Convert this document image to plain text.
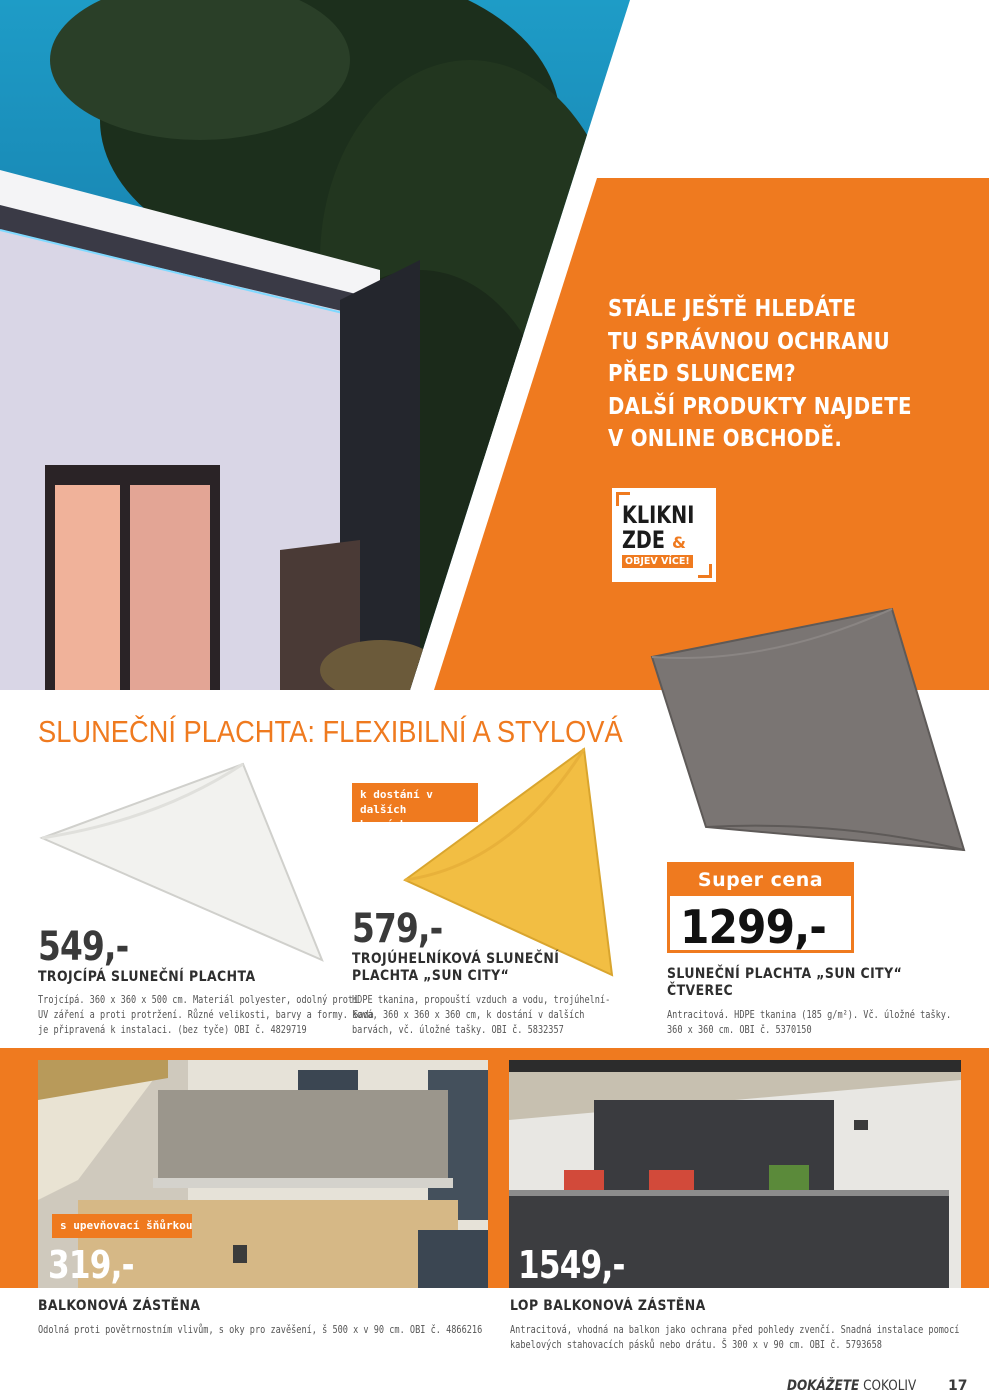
STÁLE JEŠTĚ HLEDÁTE
TU SPRÁVNOU OCHRANU
PŘED SLUNCEM?
DALŠÍ PRODUKTY NAJDETE
V ONLINE OBCHODĚ.
KLIKNI
ZDE &
OBJEV VÍCE!
SLUNEČNÍ PLACHTA: FLEXIBILNÍ A STYLOVÁ
k dostání v dalších
barvách
549,-
TROJCÍPÁ SLUNEČNÍ PLACHTA
Trojcípá. 360 x 360 x 500 cm. Materiál polyester, odolný proti
UV záření a proti protržení. Různé velikosti, barvy a formy. Sada
je připravená k instalaci. (bez tyče) OBI č. 4829719
579,-
TROJÚHELNÍKOVÁ SLUNEČNÍ
PLACHTA „SUN CITY“
HDPE tkanina, propouští vzduch a vodu, trojúhelní-
ková, 360 x 360 x 360 cm, k dostání v dalších
barvách, vč. úložné tašky. OBI č. 5832357
Super cena
1299,-
SLUNEČNÍ PLACHTA „SUN CITY“
ČTVEREC
Antracitová. HDPE tkanina (185 g/m²). Vč. úložné tašky.
360 x 360 cm. OBI č. 5370150
s upevňovací šňůrkou
319,-	1549,-
BALKONOVÁ ZÁSTĚNA
Odolná proti povětrnostním vlivům, s oky pro zavěšení, š 500 x v 90 cm. OBI č. 4866216
LOP BALKONOVÁ ZÁSTĚNA
Antracitová, vhodná na balkon jako ochrana před pohledy zvenčí. Snadná instalace pomocí
kabelových stahovacích pásků nebo drátu. Š 300 x v 90 cm. OBI č. 5793658
DOKÁŽETE COKOLIV 17
